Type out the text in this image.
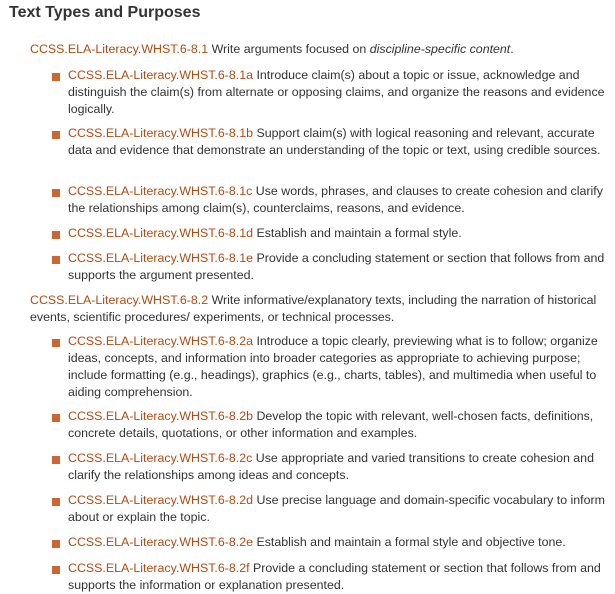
Text Types and Purposes

CCSS.ELA-Literacy.WHST.6-8.1 Write arguments focused on discipline-specific content.

CCSS.ELA-Literacy.WHST.6-8.1a Introduce claim(s) about a topic or issue, acknowledge and distinguish the claim(s) from alternate or opposing claims, and organize the reasons and evidence logically.

CCSS.ELA-Literacy.WHST.6-8.1b Support claim(s) with logical reasoning and relevant, accurate data and evidence that demonstrate an understanding of the topic or text, using credible sources.

CCSS.ELA-Literacy.WHST.6-8.1c Use words, phrases, and clauses to create cohesion and clarify the relationships among claim(s), counterclaims, reasons, and evidence.

CCSS.ELA-Literacy.WHST.6-8.1d Establish and maintain a formal style.

CCSS.ELA-Literacy.WHST.6-8.1e Provide a concluding statement or section that follows from and supports the argument presented.

CCSS.ELA-Literacy.WHST.6-8.2 Write informative/explanatory texts, including the narration of historical events, scientific procedures/ experiments, or technical processes.

CCSS.ELA-Literacy.WHST.6-8.2a Introduce a topic clearly, previewing what is to follow; organize ideas, concepts, and information into broader categories as appropriate to achieving purpose; include formatting (e.g., headings), graphics (e.g., charts, tables), and multimedia when useful to aiding comprehension.

CCSS.ELA-Literacy.WHST.6-8.2b Develop the topic with relevant, well-chosen facts, definitions, concrete details, quotations, or other information and examples.

CCSS.ELA-Literacy.WHST.6-8.2c Use appropriate and varied transitions to create cohesion and clarify the relationships among ideas and concepts.

CCSS.ELA-Literacy.WHST.6-8.2d Use precise language and domain-specific vocabulary to inform about or explain the topic.

CCSS.ELA-Literacy.WHST.6-8.2e Establish and maintain a formal style and objective tone.

CCSS.ELA-Literacy.WHST.6-8.2f Provide a concluding statement or section that follows from and supports the information or explanation presented.
